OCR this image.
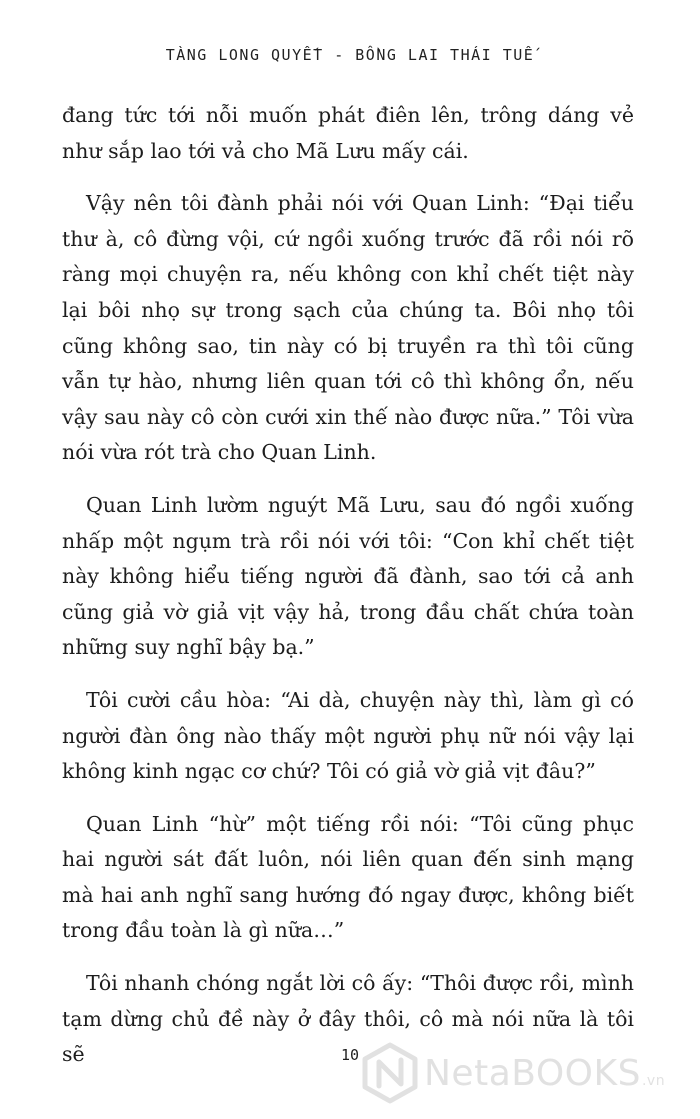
TÀNG LONG QUYẾT - BỒNG LAI THÁI TUẾ

đang tức tới nỗi muốn phát điên lên, trông dáng vẻ như sắp lao tới vả cho Mã Lưu mấy cái.

Vậy nên tôi đành phải nói với Quan Linh: “Đại tiểu thư à, cô đừng vội, cứ ngồi xuống trước đã rồi nói rõ ràng mọi chuyện ra, nếu không con khỉ chết tiệt này lại bôi nhọ sự trong sạch của chúng ta. Bôi nhọ tôi cũng không sao, tin này có bị truyền ra thì tôi cũng vẫn tự hào, nhưng liên quan tới cô thì không ổn, nếu vậy sau này cô còn cưới xin thế nào được nữa.” Tôi vừa nói vừa rót trà cho Quan Linh.

Quan Linh lườm nguýt Mã Lưu, sau đó ngồi xuống nhấp một ngụm trà rồi nói với tôi: “Con khỉ chết tiệt này không hiểu tiếng người đã đành, sao tới cả anh cũng giả vờ giả vịt vậy hả, trong đầu chất chứa toàn những suy nghĩ bậy bạ.”

Tôi cười cầu hòa: “Ai dà, chuyện này thì, làm gì có người đàn ông nào thấy một người phụ nữ nói vậy lại không kinh ngạc cơ chứ? Tôi có giả vờ giả vịt đâu?”

Quan Linh “hừ” một tiếng rồi nói: “Tôi cũng phục hai người sát đất luôn, nói liên quan đến sinh mạng mà hai anh nghĩ sang hướng đó ngay được, không biết trong đầu toàn là gì nữa…”

Tôi nhanh chóng ngắt lời cô ấy: “Thôi được rồi, mình tạm dừng chủ đề này ở đây thôi, cô mà nói nữa là tôi sẽ	10	NetaBOOKS .vn
